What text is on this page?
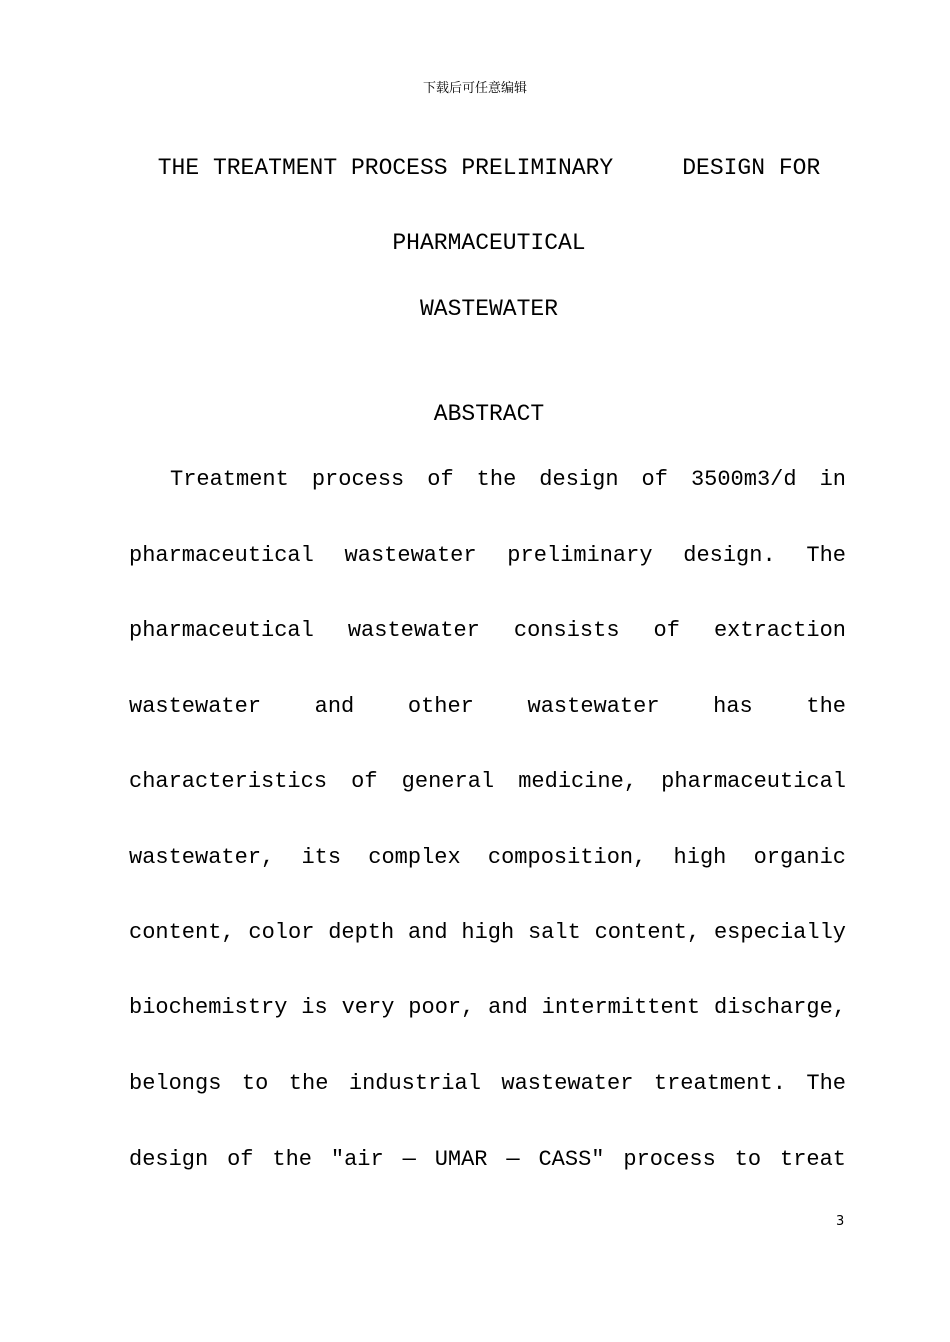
下载后可任意编辑
THE TREATMENT PROCESS PRELIMINARY     DESIGN FOR
PHARMACEUTICAL
WASTEWATER
ABSTRACT
Treatment process of the design of 3500m3/d in
pharmaceutical wastewater preliminary design. The
pharmaceutical wastewater consists of extraction
wastewater and other wastewater has the
characteristics of general medicine, pharmaceutical
wastewater, its complex composition, high organic
content, color depth and high salt content, especially
biochemistry is very poor, and intermittent discharge,
belongs to the industrial wastewater treatment. The
design of the ″air — UMAR — CASS″ process to treat
3
